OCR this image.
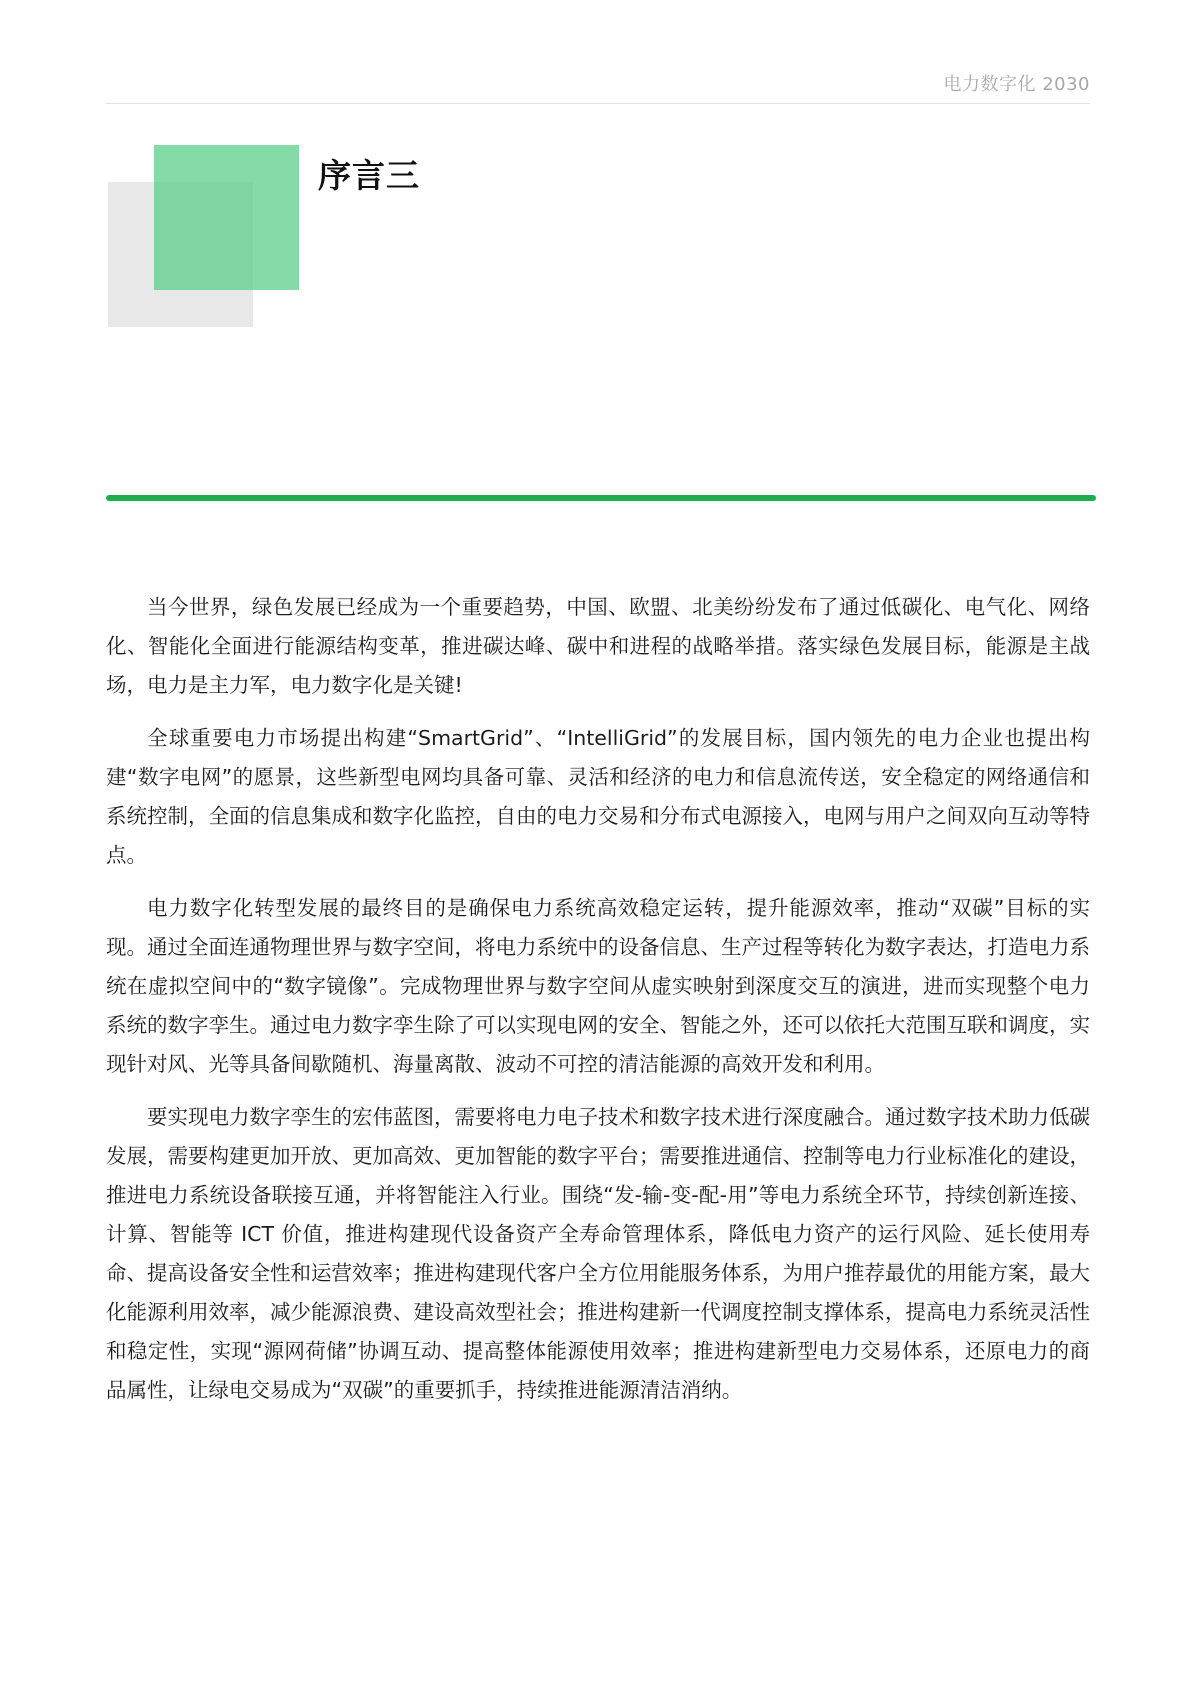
电力数字化 2030
序言三

当今世界，绿色发展已经成为一个重要趋势，中国、欧盟、北美纷纷发布了通过低碳化、电气化、网络化、智能化全面进行能源结构变革，推进碳达峰、碳中和进程的战略举措。落实绿色发展目标，能源是主战场，电力是主力军，电力数字化是关键!

全球重要电力市场提出构建“SmartGrid”、“IntelliGrid”的发展目标，国内领先的电力企业也提出构建“数字电网”的愿景，这些新型电网均具备可靠、灵活和经济的电力和信息流传送，安全稳定的网络通信和系统控制，全面的信息集成和数字化监控，自由的电力交易和分布式电源接入，电网与用户之间双向互动等特点。

电力数字化转型发展的最终目的是确保电力系统高效稳定运转，提升能源效率，推动“双碳”目标的实现。通过全面连通物理世界与数字空间，将电力系统中的设备信息、生产过程等转化为数字表达，打造电力系统在虚拟空间中的“数字镜像”。完成物理世界与数字空间从虚实映射到深度交互的演进，进而实现整个电力系统的数字孪生。通过电力数字孪生除了可以实现电网的安全、智能之外，还可以依托大范围互联和调度，实现针对风、光等具备间歇随机、海量离散、波动不可控的清洁能源的高效开发和利用。

要实现电力数字孪生的宏伟蓝图，需要将电力电子技术和数字技术进行深度融合。通过数字技术助力低碳发展，需要构建更加开放、更加高效、更加智能的数字平台；需要推进通信、控制等电力行业标准化的建设，推进电力系统设备联接互通，并将智能注入行业。围绕“发-输-变-配-用”等电力系统全环节，持续创新连接、计算、智能等 ICT 价值，推进构建现代设备资产全寿命管理体系，降低电力资产的运行风险、延长使用寿命、提高设备安全性和运营效率；推进构建现代客户全方位用能服务体系，为用户推荐最优的用能方案，最大化能源利用效率，减少能源浪费、建设高效型社会；推进构建新一代调度控制支撑体系，提高电力系统灵活性和稳定性，实现“源网荷储”协调互动、提高整体能源使用效率；推进构建新型电力交易体系，还原电力的商品属性，让绿电交易成为“双碳”的重要抓手，持续推进能源清洁消纳。
